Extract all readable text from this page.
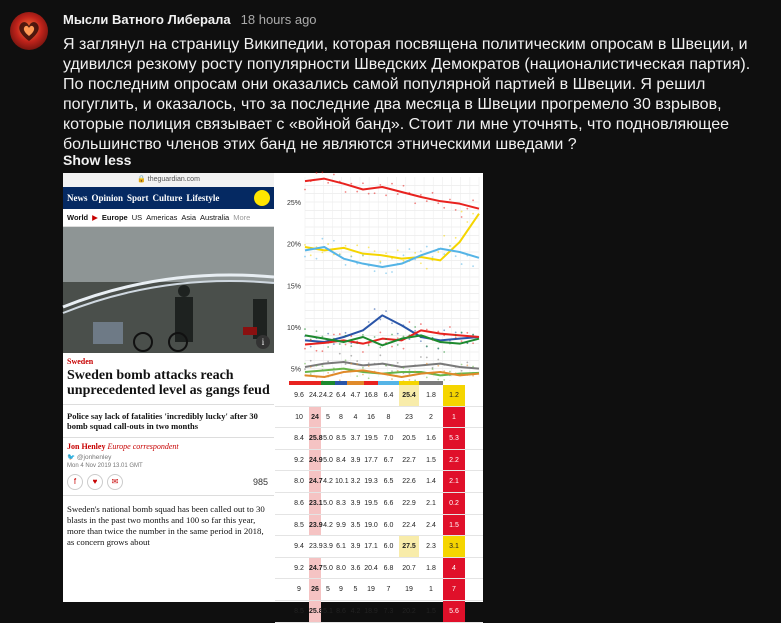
Мысли Ватного Либерала 18 hours ago
Я заглянул на страницу Википедии, которая посвящена политическим опросам в Швеции, и
удивился резкому росту популярности Шведских Демократов (националистическая партия).
По последним опросам они оказались самой популярной партией в Швеции. Я решил
погуглить, и оказалось, что за последние два месяца в Швеции прогремело 30 взрывов,
которые полиция связывает с «войной банд». Стоит ли мне уточнять, что подновляющее
большинство членов этих банд не являются этническими шведами ?
Show less
🔒 theguardian.com
News Opinion Sport Culture Lifestyle
World ▶ Europe US Americas Asia Australia More
i
Sweden
Sweden bomb attacks reach unprecedented level as gangs feud
Police say lack of fatalities 'incredibly lucky' after 30 bomb squad call-outs in two months
Jon Henley Europe correspondent
🐦 @jonhenley
Mon 4 Nov 2019 13.01 GMT
f	♥	✉	985
Sweden's national bomb squad has been called out to 30 blasts in the past two months and 100 so far this year, more than twice the number in the same period in 2018, as concern grows about
25%
20%
15%
10%
5%
9.6 24.2 4.2 6.4 4.7 16.8 6.4	25.4	1.8	1.2
10	24	5	8	4	16	8	23	2	1
8.4 25.8 5.0 8.5 3.7 19.5 7.0	20.5	1.6	5.3
9.2 24.9 5.0 8.4 3.9 17.7 6.7	22.7	1.5	2.2
8.0 24.7 4.2 10.1 3.2 19.3 6.5	22.6	1.4	2.1
8.6 23.1 5.0 8.3 3.9 19.5 6.6	22.9	2.1	0.2
8.5 23.9 4.2 9.9 3.5 19.0 6.0	22.4	2.4	1.5
9.4 23.9 3.9 6.1 3.9 17.1 6.0	27.5	2.3	3.1
9.2 24.7 5.0 8.0 3.6 20.4 6.8	20.7	1.8	4
9	26	5	9	5	19	7	19	1	7
8.5 25.8 5.1 8.6 4.2 18.9 7.3	20.2	1.5	5.6
